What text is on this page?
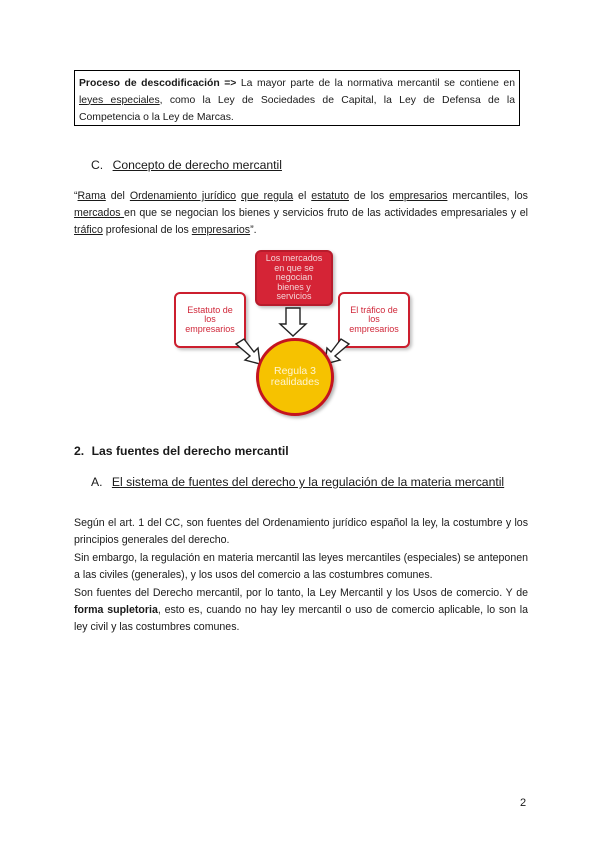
Proceso de descodificación => La mayor parte de la normativa mercantil se contiene en leyes especiales, como la Ley de Sociedades de Capital, la Ley de Defensa de la Competencia o la Ley de Marcas.
C. Concepto de derecho mercantil
“Rama del Ordenamiento jurídico que regula el estatuto de los empresarios mercantiles, los mercados en que se negocian los bienes y servicios fruto de las actividades empresariales y el tráfico profesional de los empresarios”.
Los mercados en que se negocian bienes y servicios
Estatuto de los empresarios
El tráfico de los empresarios
Regula 3 realidades
2. Las fuentes del derecho mercantil
A. El sistema de fuentes del derecho y la regulación de la materia mercantil
Según el art. 1 del CC, son fuentes del Ordenamiento jurídico español la ley, la costumbre y los principios generales del derecho.
Sin embargo, la regulación en materia mercantil las leyes mercantiles (especiales) se anteponen a las civiles (generales), y los usos del comercio a las costumbres comunes.
Son fuentes del Derecho mercantil, por lo tanto, la Ley Mercantil y los Usos de comercio. Y de forma supletoria, esto es, cuando no hay ley mercantil o uso de comercio aplicable, lo son la ley civil y las costumbres comunes.
2
